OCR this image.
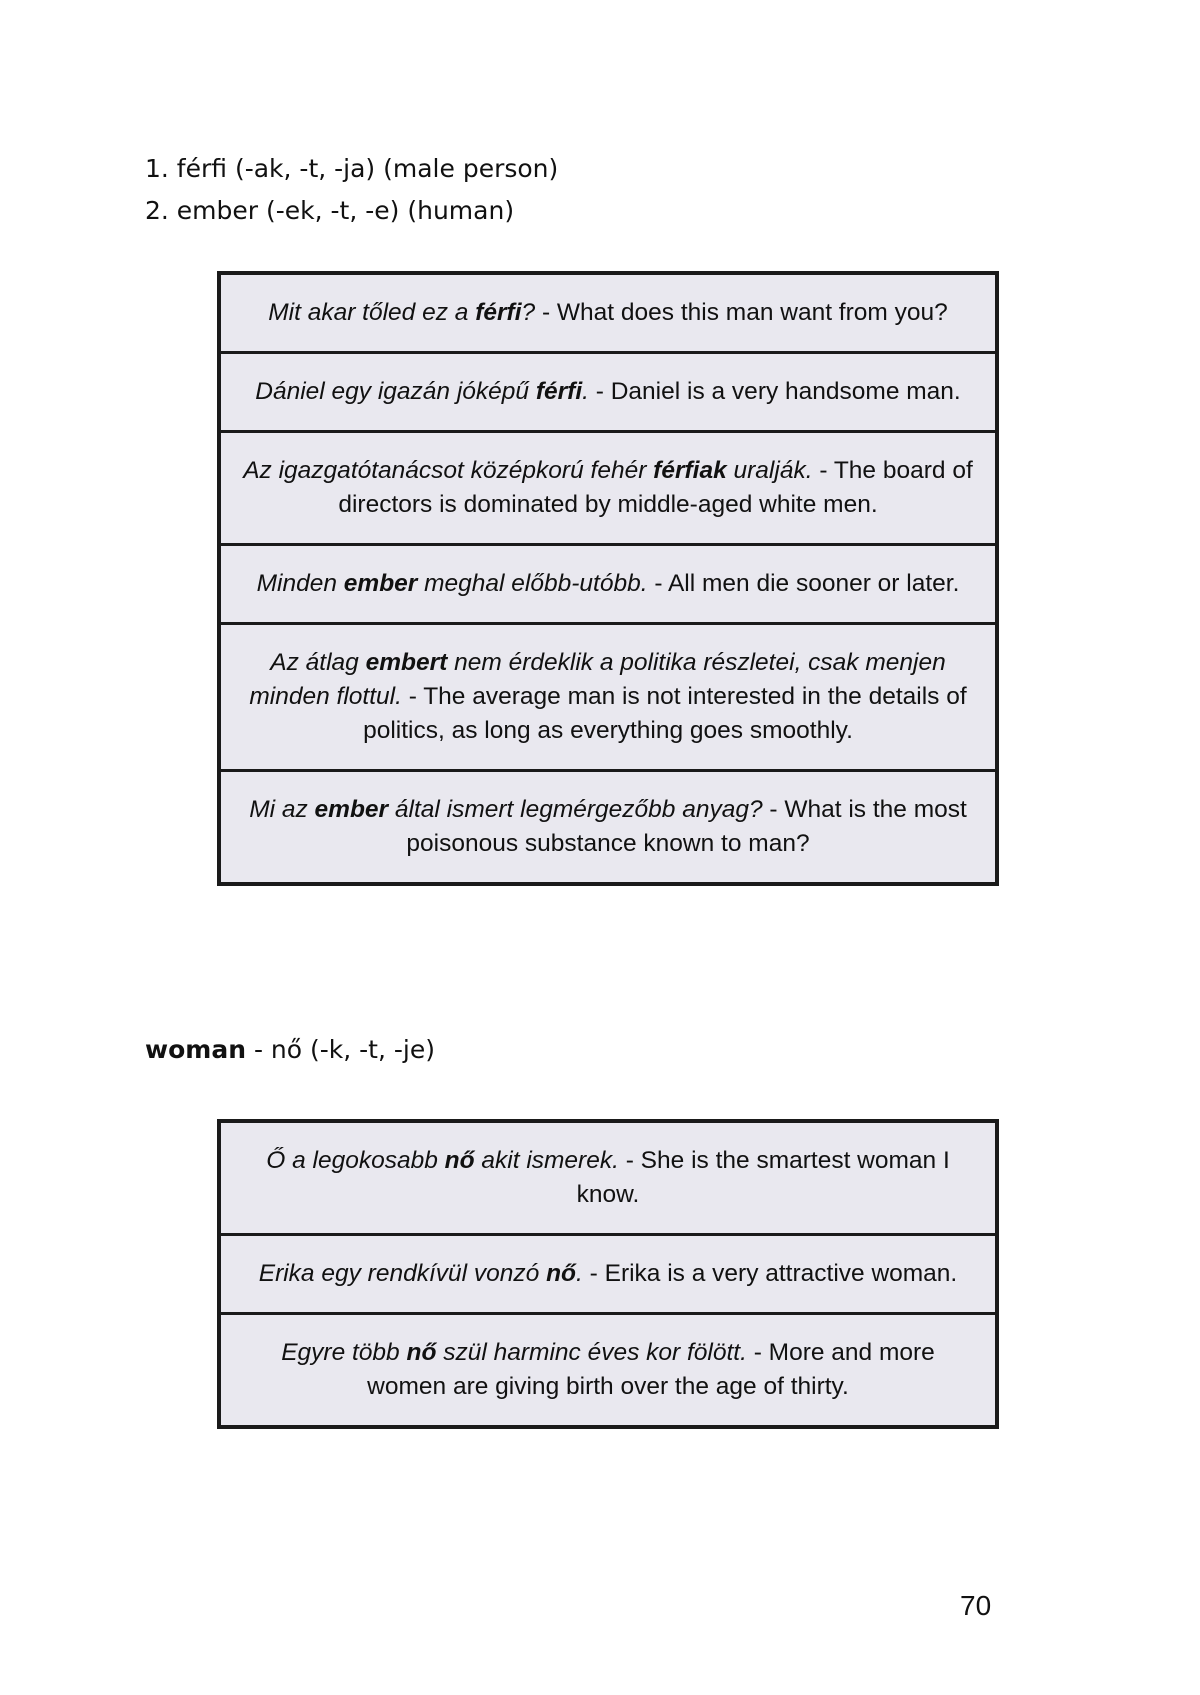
1. férfi (-ak, -t, -ja) (male person)
2. ember (-ek, -t, -e) (human)
Mit akar tőled ez a férfi? - What does this man want from you?
Dániel egy igazán jóképű férfi. - Daniel is a very handsome man.
Az igazgatótanácsot középkorú fehér férfiak uralják. - The board of directors is dominated by middle-aged white men.
Minden ember meghal előbb-utóbb. - All men die sooner or later.
Az átlag embert nem érdeklik a politika részletei, csak menjen minden flottul. - The average man is not interested in the details of politics, as long as everything goes smoothly.
Mi az ember által ismert legmérgezőbb anyag? - What is the most poisonous substance known to man?
woman - nő (-k, -t, -je)
Ő a legokosabb nő akit ismerek. - She is the smartest woman I know.
Erika egy rendkívül vonzó nő. - Erika is a very attractive woman.
Egyre több nő szül harminc éves kor fölött. - More and more women are giving birth over the age of thirty.
70
